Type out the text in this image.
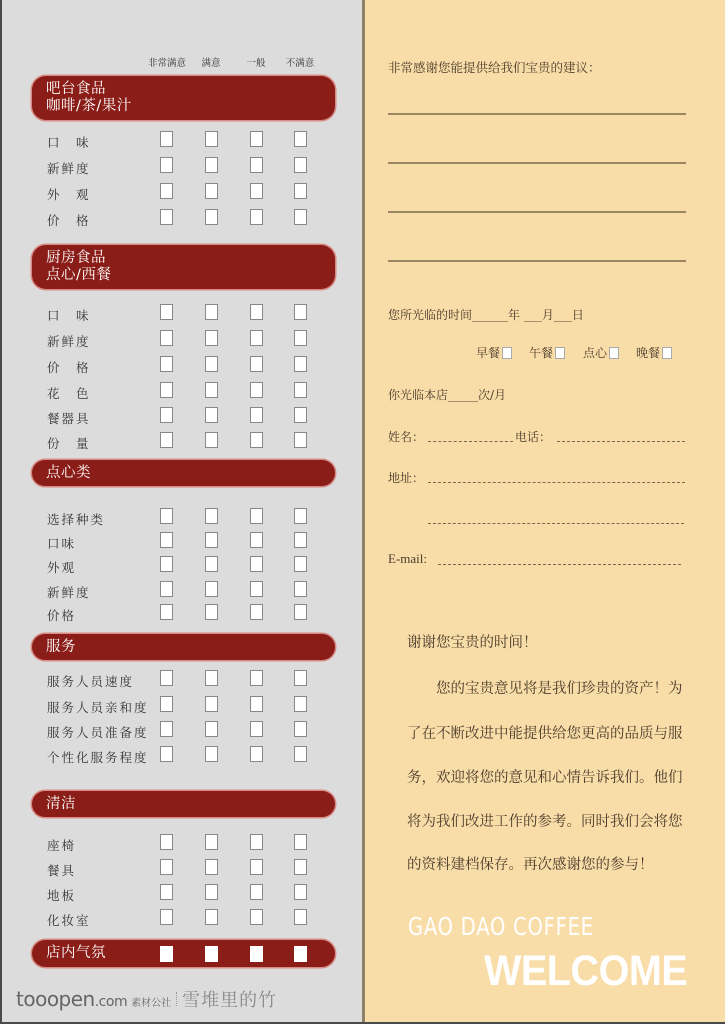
非常满意 满意	一般 不满意
吧台食品
咖啡/茶/果汁
口　味
新鲜度
外　观
价　格
厨房食品
点心/西餐
口　味
新鲜度
价　格
花　色
餐器具
份　量
点心类
选择种类
口味
外观
新鲜度
价格
服务
服务人员速度
服务人员亲和度
服务人员准备度
个性化服务程度
清洁
座椅
餐具
地板
化妆室
店内气氛
tooopen.com 素材公社 雪堆里的竹
非常感谢您能提供给我们宝贵的建议：
您所光临的时间______年 ___月___日
早餐 午餐 点心 晚餐
你光临本店_____次/月
姓名：	电话：
地址：
E-mail:
谢谢您宝贵的时间！
　　您的宝贵意见将是我们珍贵的资产！为
了在不断改进中能提供给您更高的品质与服
务，欢迎将您的意见和心情告诉我们。他们
将为我们改进工作的参考。同时我们会将您
的资料建档保存。再次感谢您的参与！
GAO DAO COFFEE
WELCOME
